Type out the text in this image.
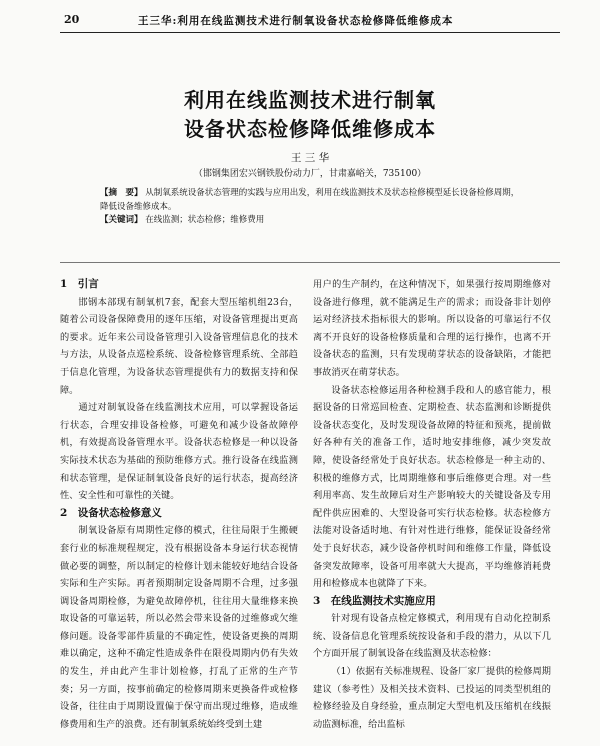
20	王三华:利用在线监测技术进行制氧设备状态检修降低维修成本
利用在线监测技术进行制氧
设备状态检修降低维修成本
王 三 华
（邯钢集团宏兴钢铁股份动力厂，甘肃嘉峪关，735100）
【摘　要】 从制氧系统设备状态管理的实践与应用出发，利用在线监测技术及状态检修模型延长设备检修周期，降低设备维修成本。
【关键词】 在线监测；状态检修；维修费用
1　引言

邯钢本部现有制氧机7套，配套大型压缩机组23台，随着公司设备保障费用的逐年压缩，对设备管理提出更高的要求。近年来公司设备管理引入设备管理信息化的技术与方法，从设备点巡检系统、设备检修管理系统、全部趋于信息化管理，为设备状态管理提供有力的数据支持和保障。

通过对制氧设备在线监测技术应用，可以掌握设备运行状态，合理安排设备检修，可避免和减少设备故障停机，有效提高设备管理水平。设备状态检修是一种以设备实际技术状态为基础的预防维修方式。推行设备在线监测和状态管理，是保证制氧设备良好的运行状态，提高经济性、安全性和可靠性的关键。

2　设备状态检修意义

制氧设备原有周期性定修的模式，往往局限于生搬硬套行业的标准规程规定，没有根据设备本身运行状态视情做必要的调整，所以制定的检修计划未能较好地结合设备实际和生产实际。再者预期制定设备周期不合理，过多强调设备周期检修，为避免故障停机，往往用大量维修来换取设备的可靠运转，所以必然会带来设备的过维修或欠维修问题。设备零部件质量的不确定性，使设备更换的周期难以确定，这种不确定性造成条件在限役周期内仍有失效的发生，并由此产生非计划检修，打乱了正常的生产节奏；另一方面，按事前确定的检修周期来更换备件或检修设备，往往由于周期设置偏于保守而出现过维修，造成维修费用和生产的浪费。还有制氧系统始终受到土建

用户的生产制约，在这种情况下，如果强行按周期维修对设备进行修理，就不能满足生产的需求；而设备非计划停运对经济技术指标很大的影响。所以设备的可靠运行不仅离不开良好的设备检修质量和合理的运行操作，也离不开设备状态的监测，只有发现萌芽状态的设备缺陷，才能把事故消灭在萌芽状态。

设备状态检修运用各种检测手段和人的感官能力，根据设备的日常巡回检查、定期检查、状态监测和诊断提供设备状态变化，及时发现设备故障的特征和预兆，提前做好各种有关的准备工作，适时地安排维修，减少突发故障，使设备经常处于良好状态。状态检修是一种主动的、积极的维修方式，比周期维修和事后维修更合理。对一些利用率高、发生故障后对生产影响较大的关键设备及专用配件供应困难的、大型设备可实行状态检修。状态检修方法能对设备适时地、有针对性进行维修，能保证设备经常处于良好状态，减少设备停机时间和维修工作量，降低设备突发故障率，设备可用率就大大提高，平均维修消耗费用和检修成本也就降了下来。

3　在线监测技术实施应用

针对现有设备点检定修模式，利用现有自动化控制系统、设备信息化管理系统按设备和手段的潜力，从以下几个方面开展了制氧设备在线监测及状态检修：

（1）依据有关标准规程、设备厂家厂提供的检修周期建议（参考性）及相关技术资料、已投运的同类型机组的检修经验及自身经验，重点制定大型电机及压缩机在线振动监测标准，给出监标
